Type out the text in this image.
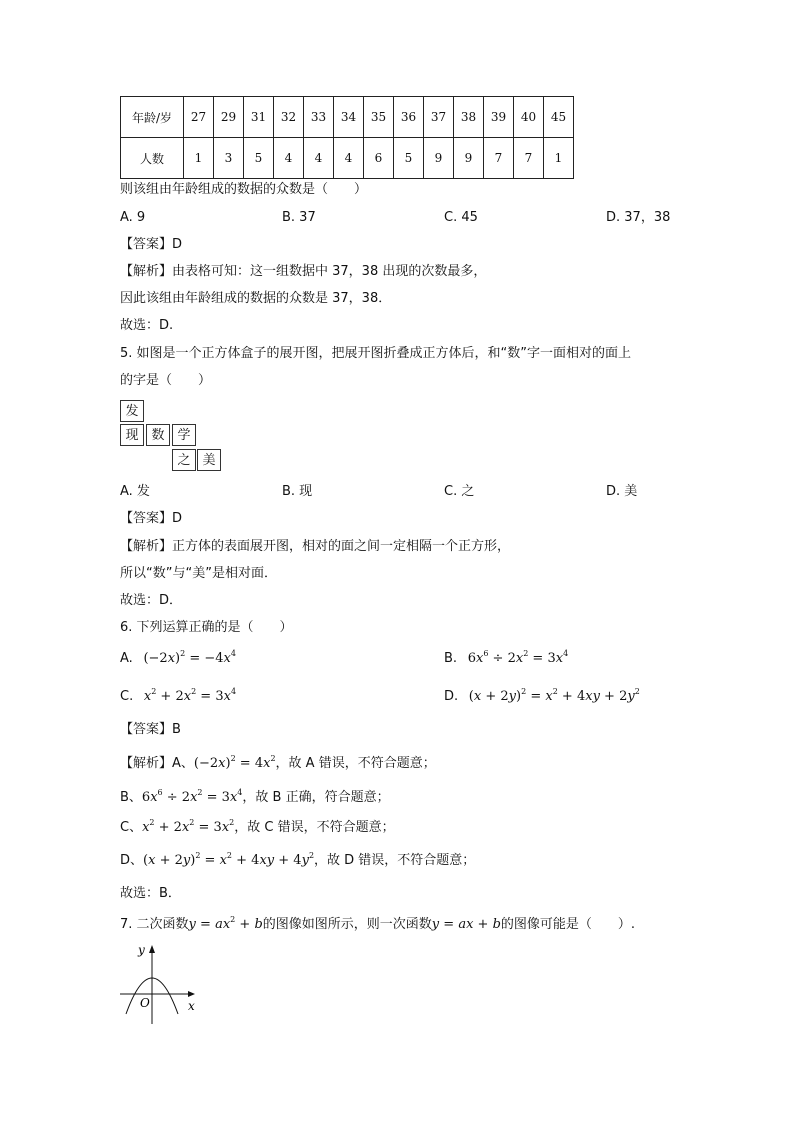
年龄/岁	27	29	31	32	33	34	35	36	37	38	39	40	45
人数	1	3	5	4	4	4	6	5	9	9	7	7	1
则该组由年龄组成的数据的众数是（　　）
A. 9	B. 37	C. 45	D. 37，38
【答案】D
【解析】由表格可知：这一组数据中 37，38 出现的次数最多，
因此该组由年龄组成的数据的众数是 37，38．
故选：D.
5. 如图是一个正方体盒子的展开图，把展开图折叠成正方体后，和“数”字一面相对的面上
的字是（　　）
发
现 数 学
之 美
A. 发	B. 现	C. 之	D. 美
【答案】D
【解析】正方体的表面展开图，相对的面之间一定相隔一个正方形，
所以“数”与“美”是相对面．
故选：D．
6. 下列运算正确的是（　　）
A.  $(-2x)^2 = -4x^4$	B.  $6x^6 \div 2x^2 = 3x^4$
C.   $x^2 + 2x^2 = 3x^4$	D.  $(x + 2y)^2 = x^2 + 4xy + 2y^2$
【答案】B
【解析】A、$(-2x)^2 = 4x^2$，故 A 错误，不符合题意；
B、$6x^6 \div 2x^2 = 3x^4$，故 B 正确，符合题意；
C、$x^2 + 2x^2 = 3x^2$，故 C 错误，不符合题意；
D、$(x + 2y)^2 = x^2 + 4xy + 4y^2$，故 D 错误，不符合题意；
故选：B．
7. 二次函数$y = ax^2 + b$的图像如图所示，则一次函数y = ax + b的图像可能是（　　）.
y
x
O
